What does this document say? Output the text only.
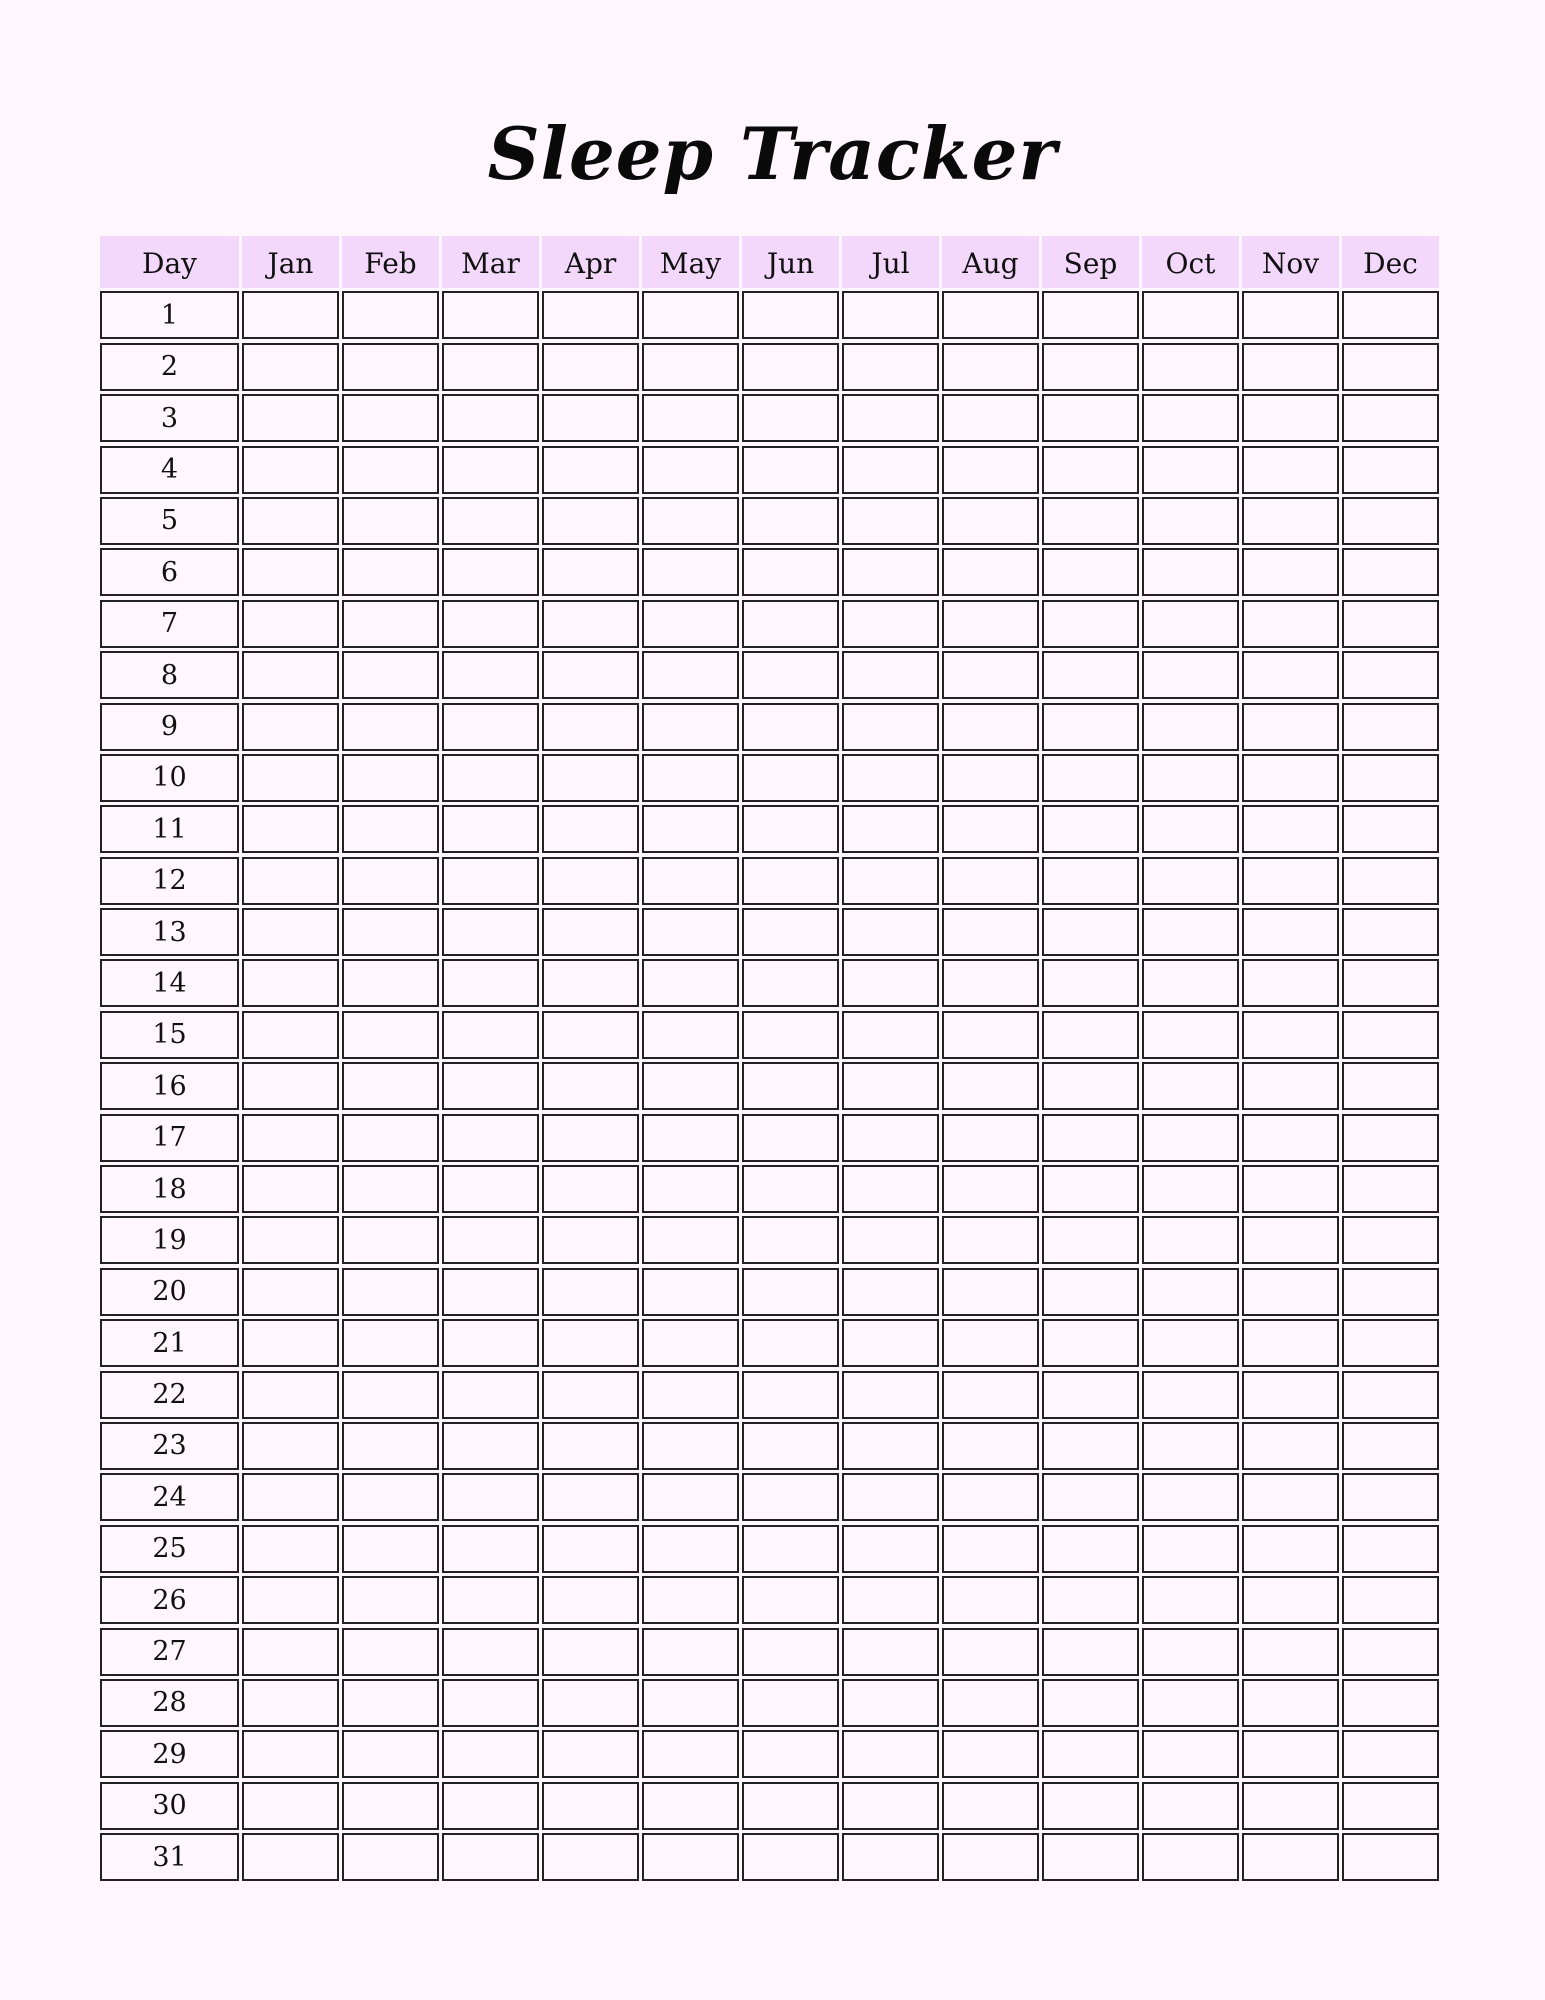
Sleep Tracker
Day	Jan	Feb	Mar	Apr	May	Jun	Jul	Aug	Sep	Oct	Nov	Dec
1
2
3
4
5
6
7
8
9
10
11
12
13
14
15
16
17
18
19
20
21
22
23
24
25
26
27
28
29
30
31
